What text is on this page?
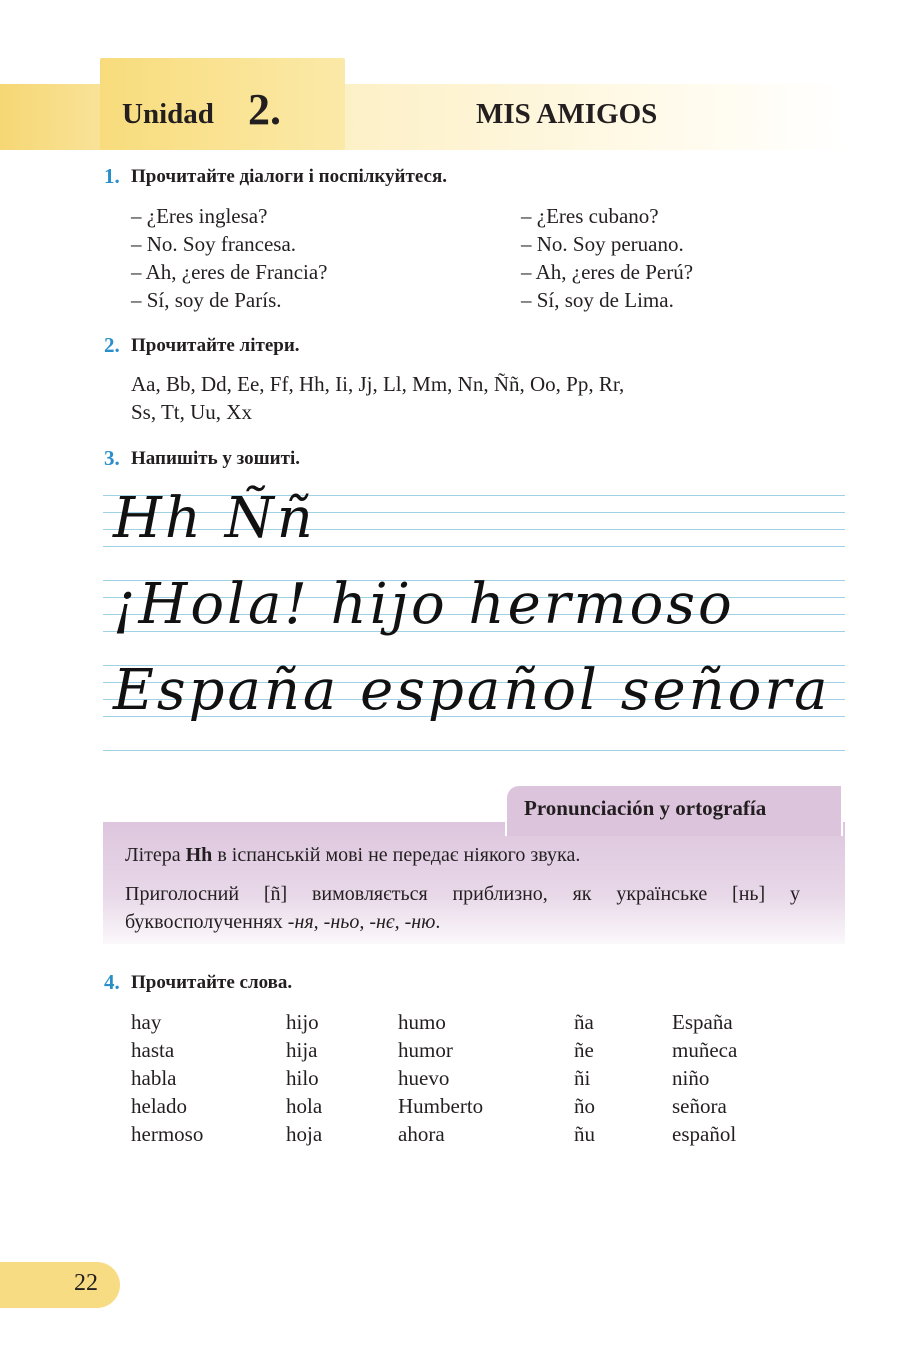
Unidad 2.	MIS AMIGOS
1. Прочитайте діалоги і поспілкуйтеся.
– ¿Eres inglesa?
– No. Soy francesa.
– Ah, ¿eres de Francia?
– Sí, soy de París.
– ¿Eres cubano?
– No. Soy peruano.
– Ah, ¿eres de Perú?
– Sí, soy de Lima.
2. Прочитайте літери.
Aa, Bb, Dd, Ee, Ff, Hh, Ii, Jj, Ll, Mm, Nn, Ññ, Oo, Pp, Rr,
Ss, Tt, Uu, Xx
3. Напишіть у зошиті.
Hh Ññ
¡Hola! hijo hermoso
España español señora
Pronunciación y ortografía
Літера Hh в іспанській мові не передає ніякого звука.
Приголосний [ñ] вимовляється приблизно, як українське [нь] у буквосполученнях -ня, -ньо, -нє, -ню.
4. Прочитайте слова.
hay
hasta
habla
helado
hermoso
hijo
hija
hilo
hola
hoja
humo
humor
huevo
Humberto
ahora
ña
ñe
ñi
ño
ñu
España
muñeca
niño
señora
español
22
